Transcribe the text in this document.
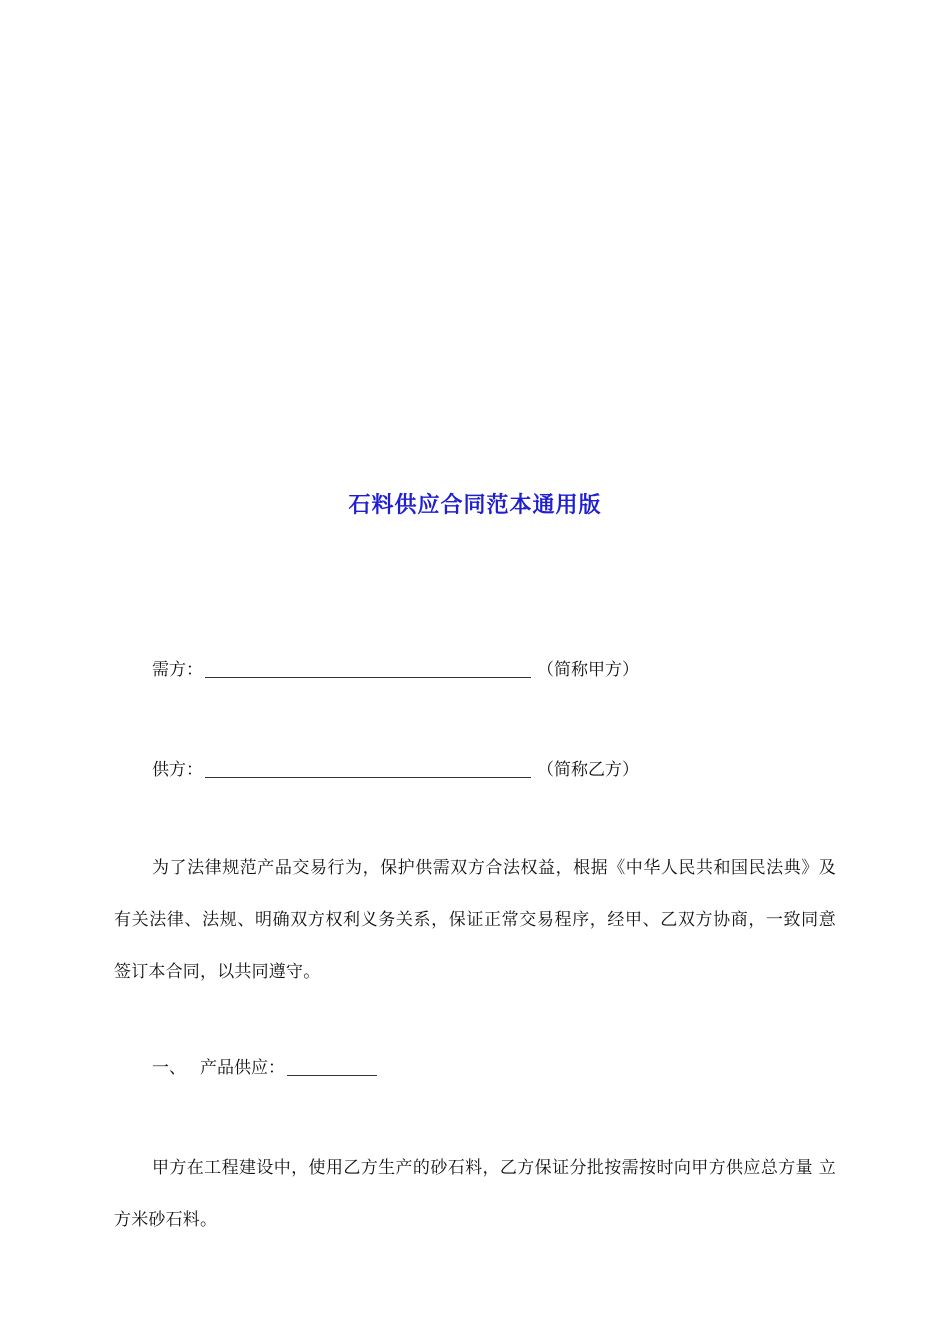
石料供应合同范本通用版
需方：	（简称甲方）
供方：	（简称乙方）
为了法律规范产品交易行为，保护供需双方合法权益，根据《中华人民共和国民法典》及有关法律、法规、明确双方权利义务关系，保证正常交易程序，经甲、乙双方协商，一致同意签订本合同，以共同遵守。
一、 产品供应：
甲方在工程建设中，使用乙方生产的砂石料，乙方保证分批按需按时向甲方供应总方量 立方米砂石料。
